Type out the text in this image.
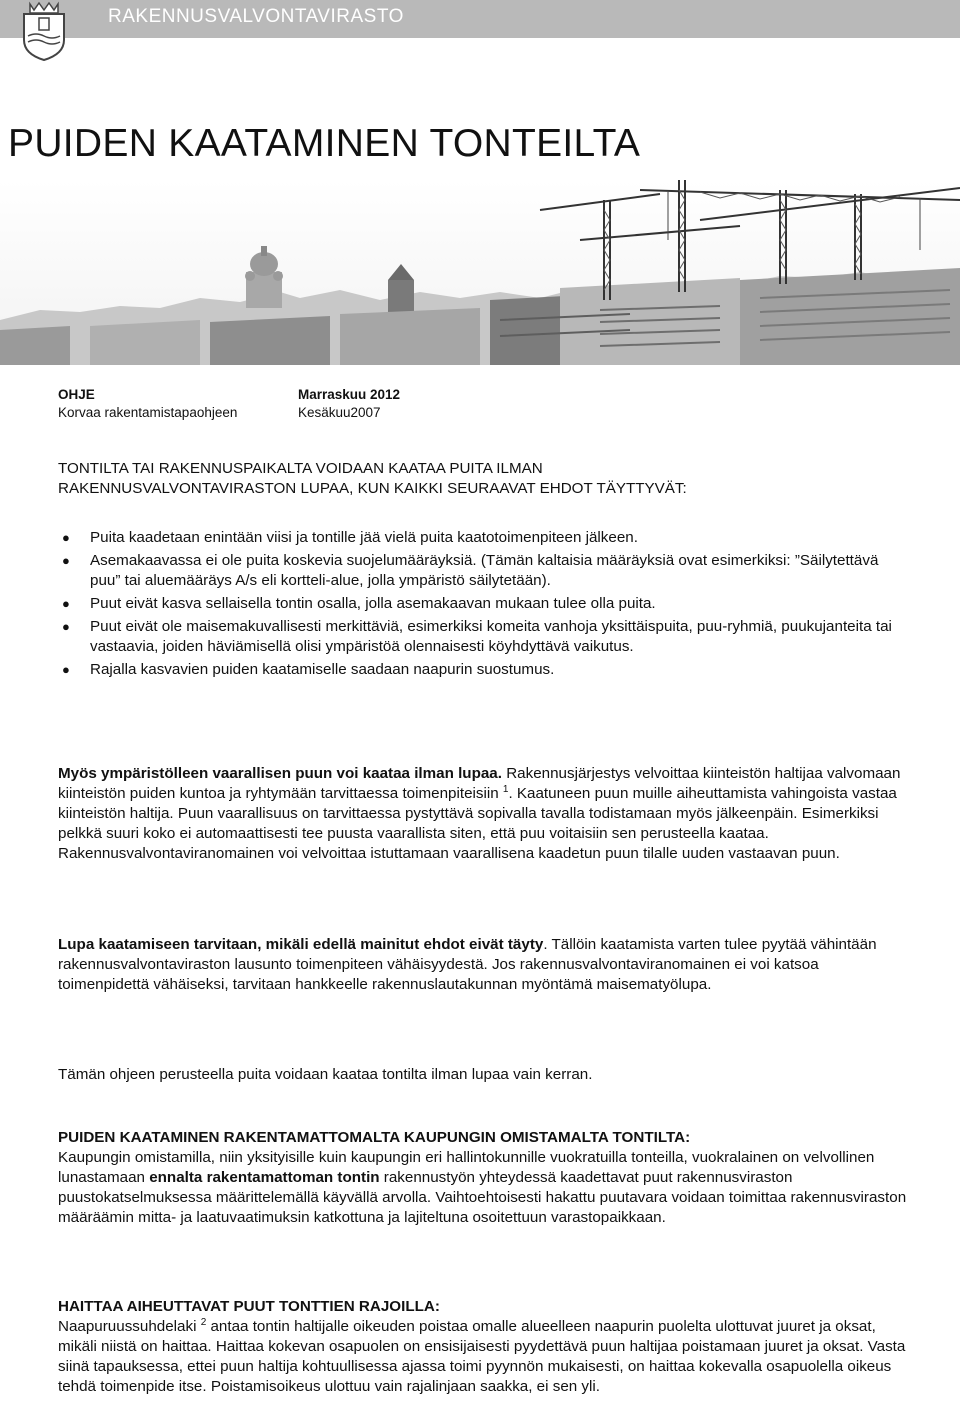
RAKENNUSVALVONTAVIRASTO
PUIDEN KAATAMINEN TONTEILTA
OHJE
Korvaa rakentamistapaohjeen
Marraskuu 2012
Kesäkuu2007

TONTILTA TAI RAKENNUSPAIKALTA VOIDAAN KAATAA PUITA ILMAN
RAKENNUSVALVONTAVIRASTON LUPAA, KUN KAIKKI SEURAAVAT EHDOT TÄYTTYVÄT:

● Puita kaadetaan enintään viisi ja tontille jää vielä puita kaatotoimenpiteen jälkeen.
● Asemakaavassa ei ole puita koskevia suojelumääräyksiä. (Tämän kaltaisia määräyksiä ovat esimerkiksi: ”Säilytettävä puu” tai aluemääräys A/s eli kortteli-alue, jolla ympäristö säilytetään).
● Puut eivät kasva sellaisella tontin osalla, jolla asemakaavan mukaan tulee olla puita.
● Puut eivät ole maisemakuvallisesti merkittäviä, esimerkiksi komeita vanhoja yksittäispuita, puu-ryhmiä, puukujanteita tai vastaavia, joiden häviämisellä olisi ympäristöä olennaisesti köyhdyttävä vaikutus.
● Rajalla kasvavien puiden kaatamiselle saadaan naapurin suostumus.

Myös ympäristölleen vaarallisen puun voi kaataa ilman lupaa. Rakennusjärjestys velvoittaa kiinteistön haltijaa valvomaan kiinteistön puiden kuntoa ja ryhtymään tarvittaessa toimenpiteisiin $^1$. Kaatuneen puun muille aiheuttamista vahingoista vastaa kiinteistön haltija. Puun vaarallisuus on tarvittaessa pystyttävä sopivalla tavalla todistamaan myös jälkeenpäin. Esimerkiksi pelkkä suuri koko ei automaattisesti tee puusta vaarallista siten, että puu voitaisiin sen perusteella kaataa. Rakennusvalvontaviranomainen voi velvoittaa istuttamaan vaarallisena kaadetun puun tilalle uuden vastaavan puun.

Lupa kaatamiseen tarvitaan, mikäli edellä mainitut ehdot eivät täyty. Tällöin kaatamista varten tulee pyytää vähintään rakennusvalvontaviraston lausunto toimenpiteen vähäisyydestä. Jos rakennusvalvontaviranomainen ei voi katsoa toimenpidettä vähäiseksi, tarvitaan hankkeelle rakennuslautakunnan myöntämä maisematyölupa.

Tämän ohjeen perusteella puita voidaan kaataa tontilta ilman lupaa vain kerran.

PUIDEN KAATAMINEN RAKENTAMATTOMALTA KAUPUNGIN OMISTAMALTA TONTILTA:
Kaupungin omistamilla, niin yksityisille kuin kaupungin eri hallintokunnille vuokratuilla tonteilla, vuokralainen on velvollinen lunastamaan ennalta rakentamattoman tontin rakennustyön yhteydessä kaadettavat puut rakennusviraston puustokatselmuksessa määrittelemällä käyvällä arvolla. Vaihtoehtoisesti hakattu puutavara voidaan toimittaa rakennusviraston määräämin mitta- ja laatuvaatimuksin katkottuna ja lajiteltuna osoitettuun varastopaikkaan.

HAITTAA AIHEUTTAVAT PUUT TONTTIEN RAJOILLA:
Naapuruussuhdelaki $^2$ antaa tontin haltijalle oikeuden poistaa omalle alueelleen naapurin puolelta ulottuvat juuret ja oksat, mikäli niistä on haittaa. Haittaa kokevan osapuolen on ensisijaisesti pyydettävä puun haltijaa poistamaan juuret ja oksat. Vasta siinä tapauksessa, ettei puun haltija kohtuullisessa ajassa toimi pyynnön mukaisesti, on haittaa kokevalla osapuolella oikeus tehdä toimenpide itse. Poistamisoikeus ulottuu vain rajalinjaan saakka, ei sen yli.
